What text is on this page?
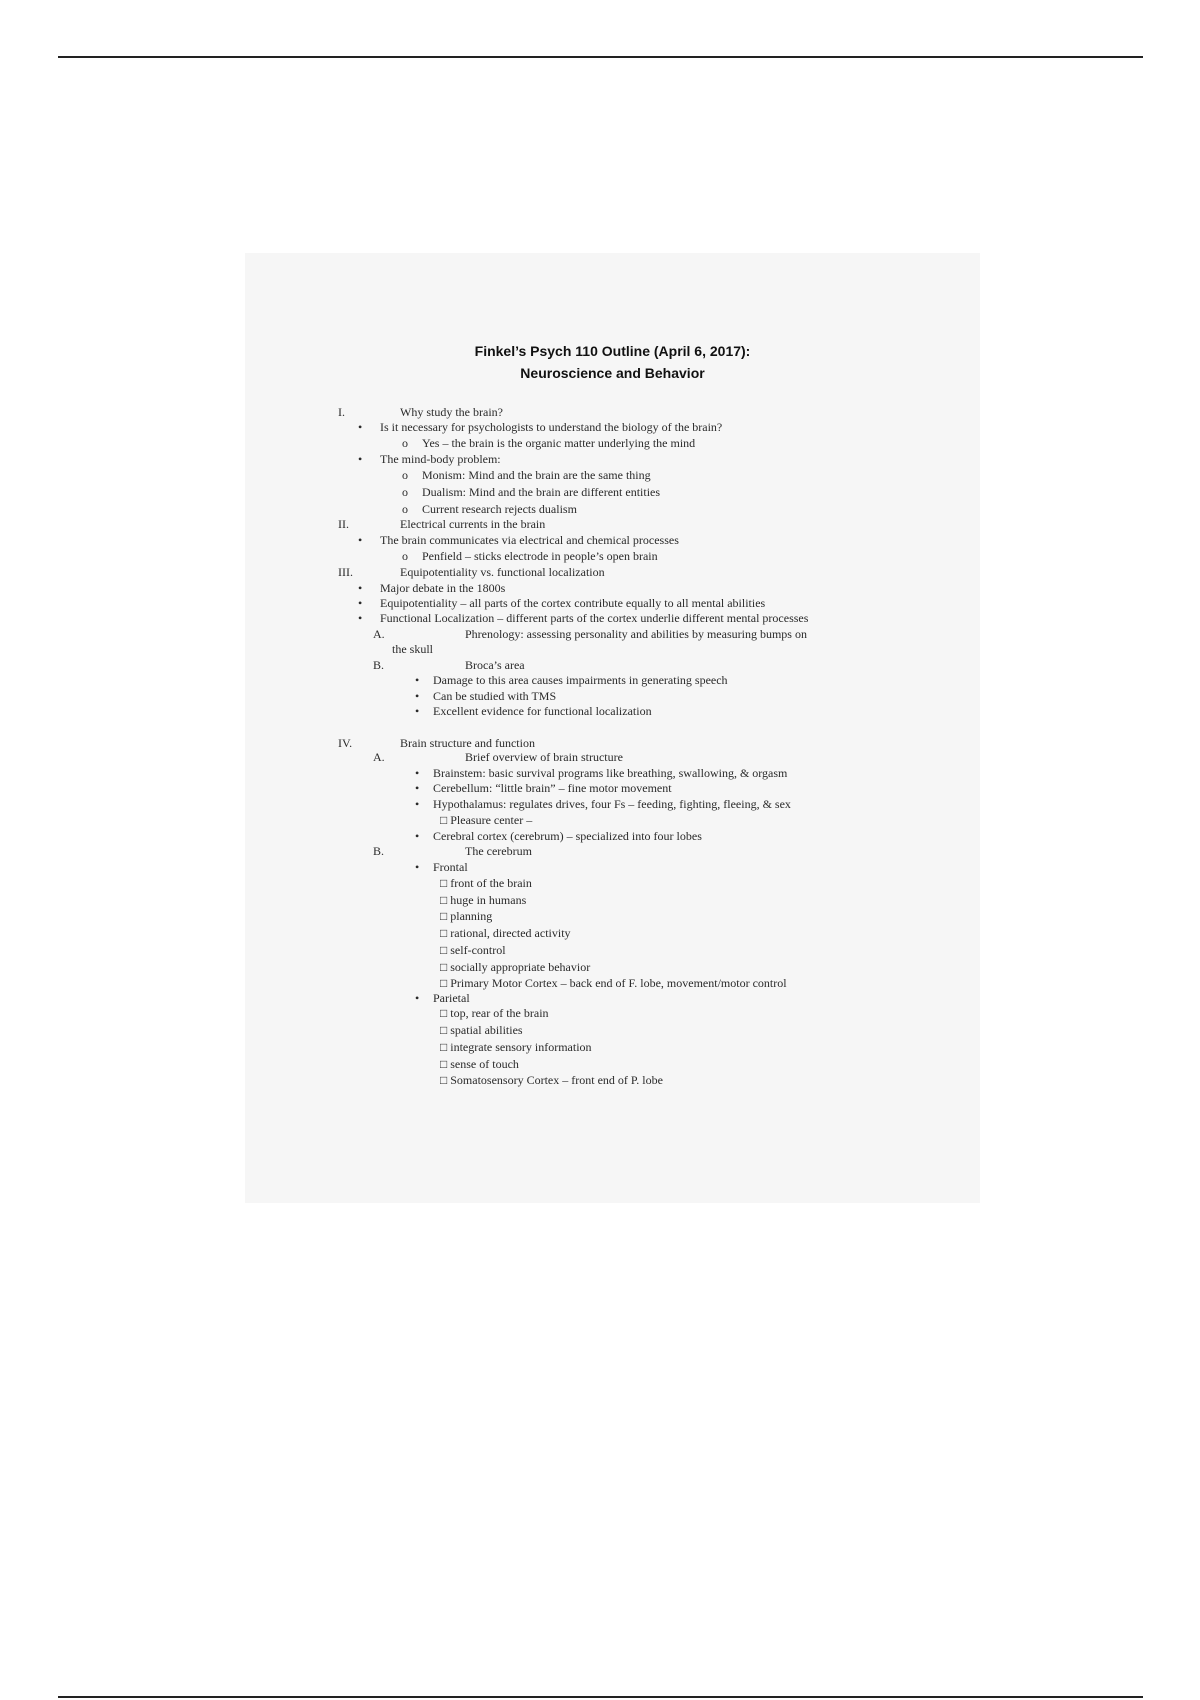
Finkel’s Psych 110 Outline (April 6, 2017):
Neuroscience and Behavior
I.	Why study the brain?
• Is it necessary for psychologists to understand the biology of the brain?
o Yes – the brain is the organic matter underlying the mind
• The mind-body problem:
o Monism: Mind and the brain are the same thing
o Dualism: Mind and the brain are different entities
o Current research rejects dualism
II.	Electrical currents in the brain
• The brain communicates via electrical and chemical processes
o Penfield – sticks electrode in people’s open brain
III.	Equipotentiality vs. functional localization
• Major debate in the 1800s
• Equipotentiality – all parts of the cortex contribute equally to all mental abilities
• Functional Localization – different parts of the cortex underlie different mental processes
A.	Phrenology: assessing personality and abilities by measuring bumps on
the skull
B.	Broca’s area
• Damage to this area causes impairments in generating speech
• Can be studied with TMS
• Excellent evidence for functional localization
IV.	Brain structure and function
A.	Brief overview of brain structure
• Brainstem: basic survival programs like breathing, swallowing, & orgasm
• Cerebellum: “little brain” – fine motor movement
• Hypothalamus: regulates drives, four Fs – feeding, fighting, fleeing, & sex
□ Pleasure center –
• Cerebral cortex (cerebrum) – specialized into four lobes
B.	The cerebrum
• Frontal
□ front of the brain
□ huge in humans
□ planning
□ rational, directed activity
□ self-control
□ socially appropriate behavior
□ Primary Motor Cortex – back end of F. lobe, movement/motor control
• Parietal
□ top, rear of the brain
□ spatial abilities
□ integrate sensory information
□ sense of touch
□ Somatosensory Cortex – front end of P. lobe
